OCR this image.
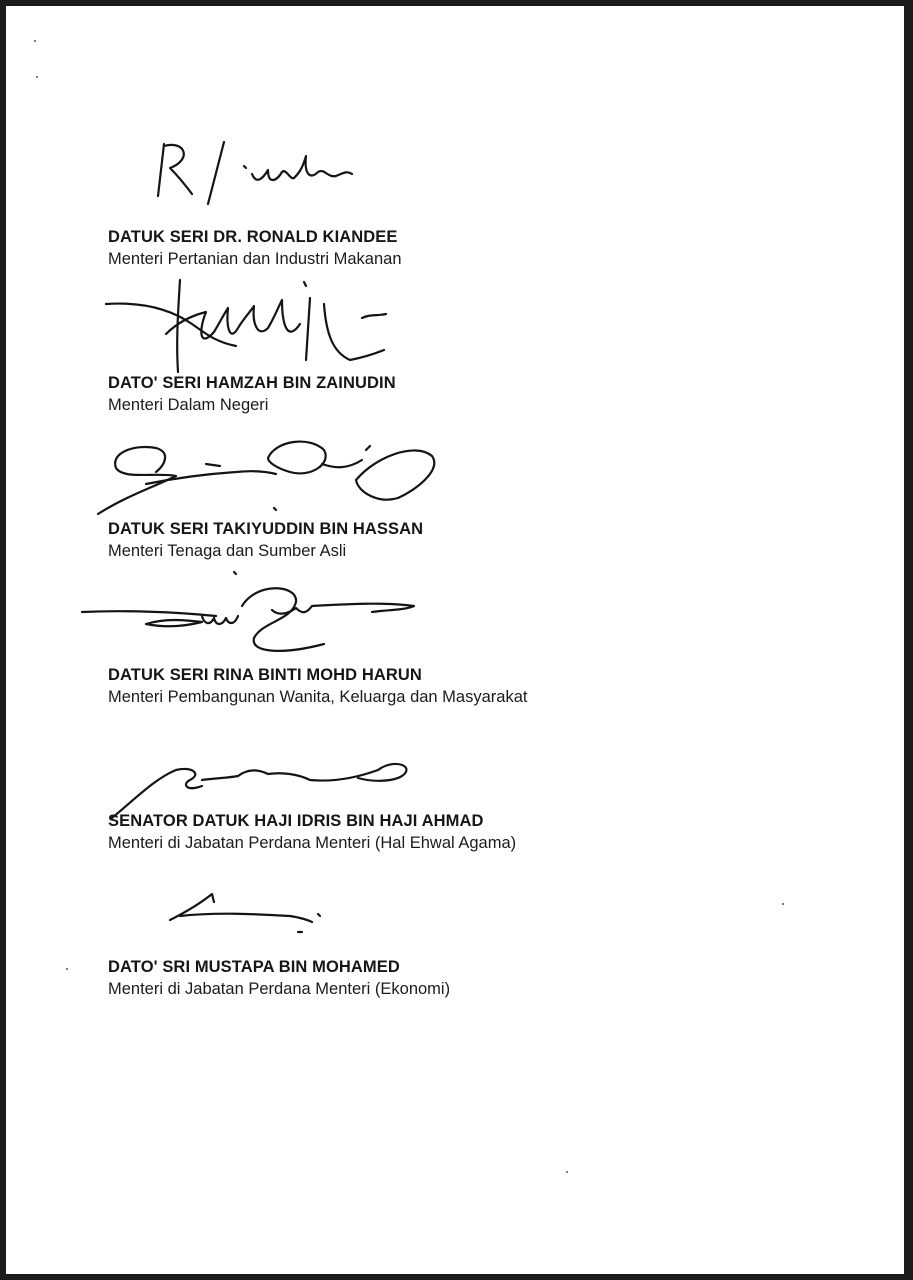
DATUK SERI DR. RONALD KIANDEE
Menteri Pertanian dan Industri Makanan
DATO' SERI HAMZAH BIN ZAINUDIN
Menteri Dalam Negeri
DATUK SERI TAKIYUDDIN BIN HASSAN
Menteri Tenaga dan Sumber Asli
DATUK SERI RINA BINTI MOHD HARUN
Menteri Pembangunan Wanita, Keluarga dan Masyarakat
SENATOR DATUK HAJI IDRIS BIN HAJI AHMAD
Menteri di Jabatan Perdana Menteri (Hal Ehwal Agama)
DATO' SRI MUSTAPA BIN MOHAMED
Menteri di Jabatan Perdana Menteri (Ekonomi)
